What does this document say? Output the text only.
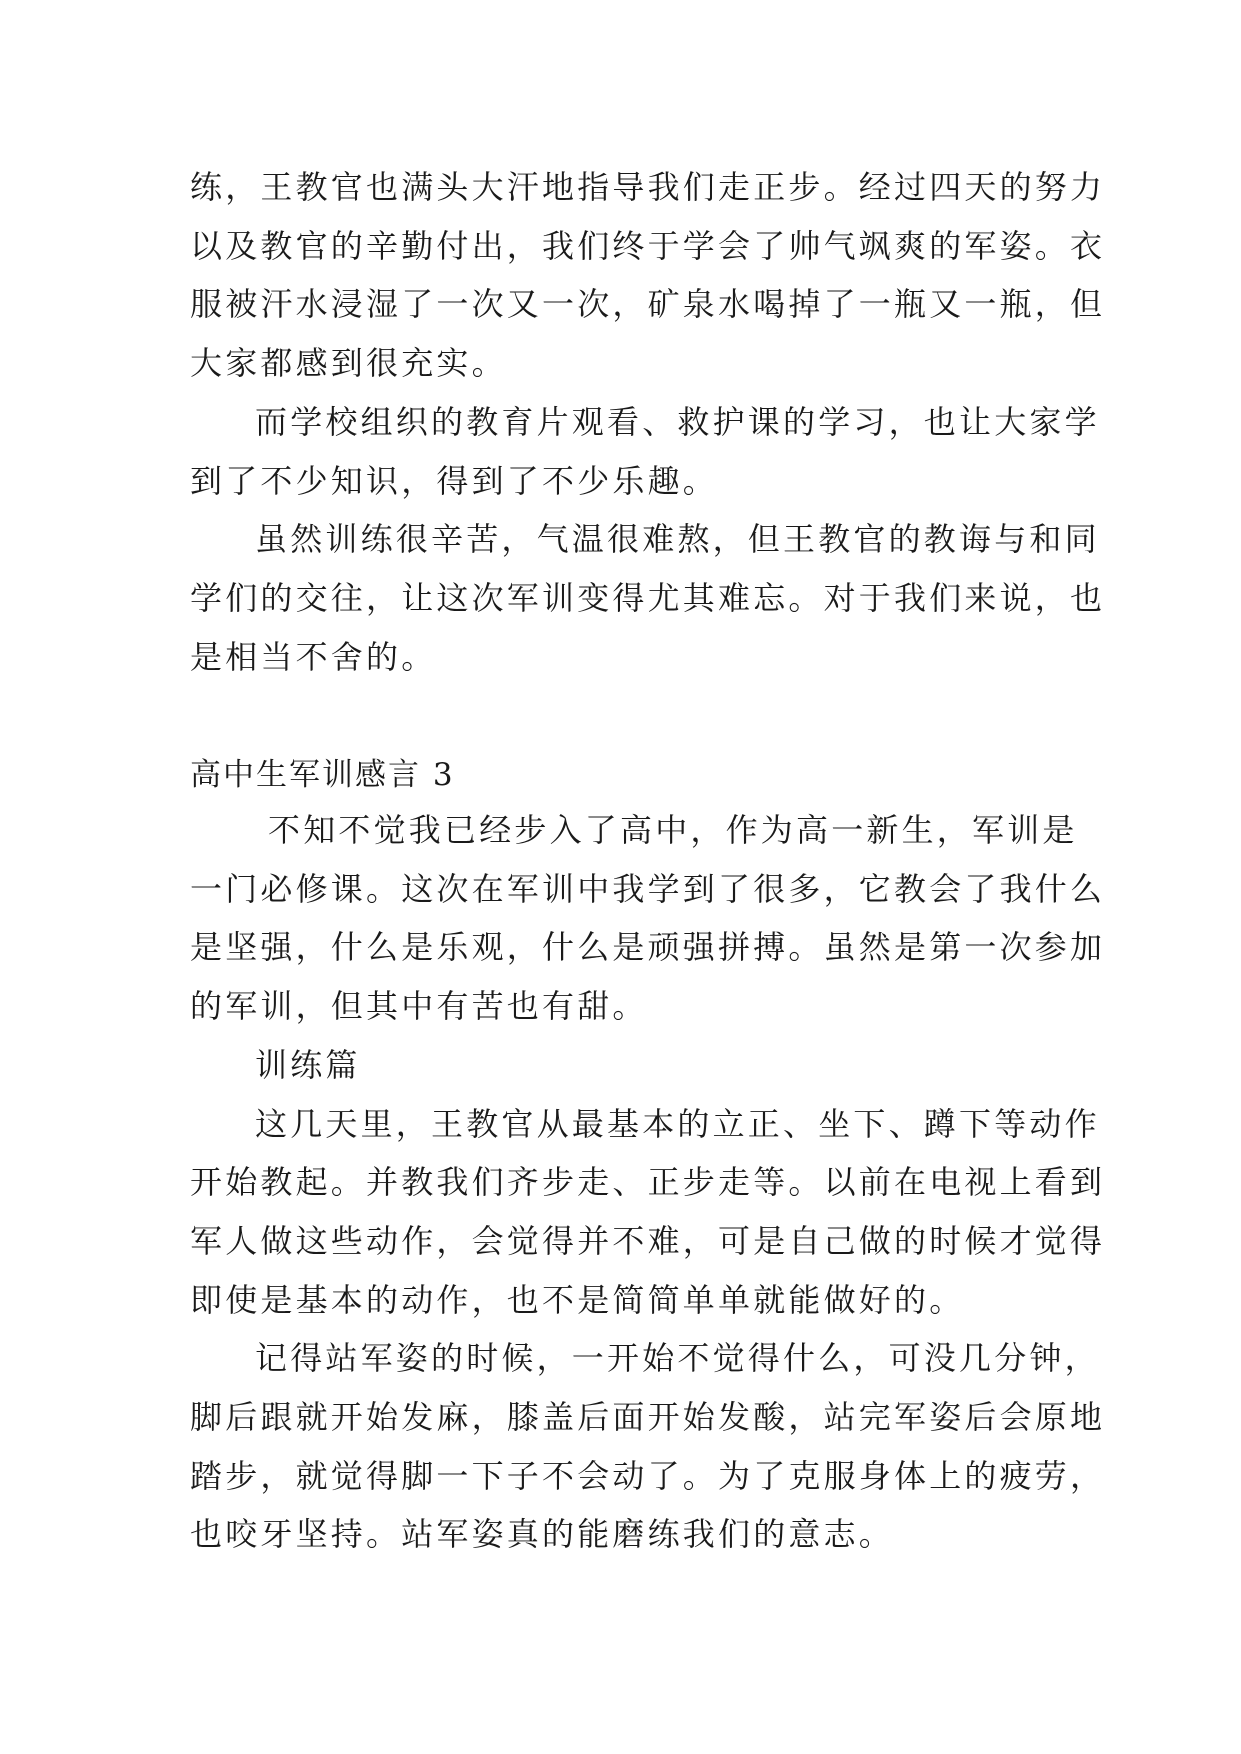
练，王教官也满头大汗地指导我们走正步。经过四天的努力
以及教官的辛勤付出，我们终于学会了帅气飒爽的军姿。衣
服被汗水浸湿了一次又一次，矿泉水喝掉了一瓶又一瓶，但
大家都感到很充实。
而学校组织的教育片观看、救护课的学习，也让大家学
到了不少知识，得到了不少乐趣。
虽然训练很辛苦，气温很难熬，但王教官的教诲与和同
学们的交往，让这次军训变得尤其难忘。对于我们来说，也
是相当不舍的。
高中生军训感言 3
不知不觉我已经步入了高中，作为高一新生，军训是
一门必修课。这次在军训中我学到了很多，它教会了我什么
是坚强，什么是乐观，什么是顽强拼搏。虽然是第一次参加
的军训，但其中有苦也有甜。
训练篇
这几天里，王教官从最基本的立正、坐下、蹲下等动作
开始教起。并教我们齐步走、正步走等。以前在电视上看到
军人做这些动作，会觉得并不难，可是自己做的时候才觉得
即使是基本的动作，也不是简简单单就能做好的。
记得站军姿的时候，一开始不觉得什么，可没几分钟，
脚后跟就开始发麻，膝盖后面开始发酸，站完军姿后会原地
踏步，就觉得脚一下子不会动了。为了克服身体上的疲劳，
也咬牙坚持。站军姿真的能磨练我们的意志。
